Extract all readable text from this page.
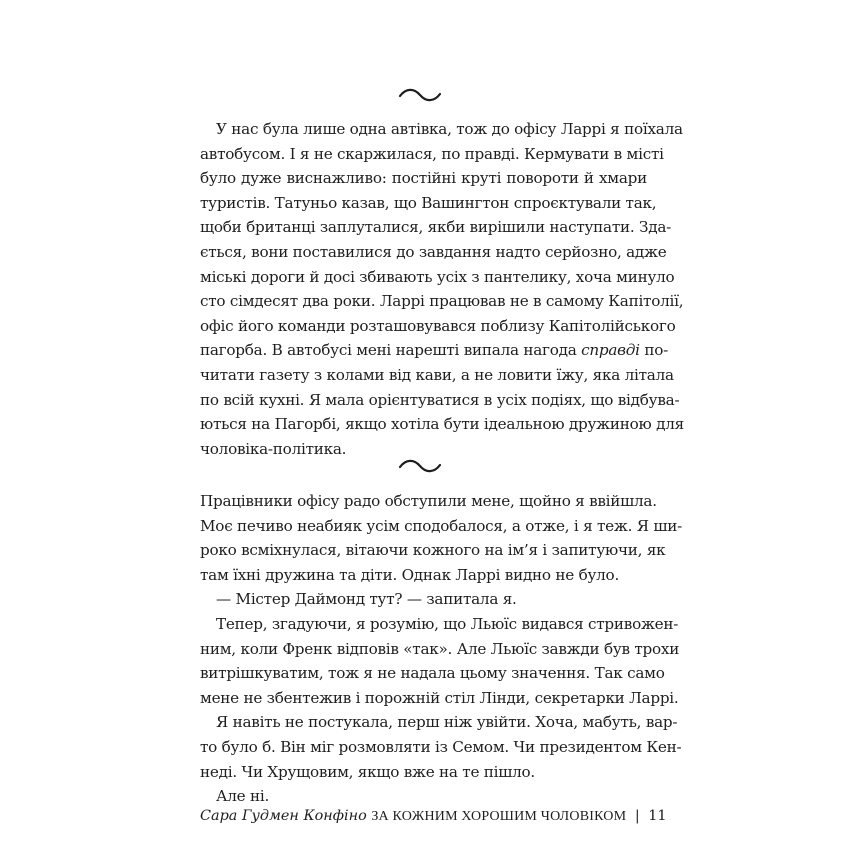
У нас була лише одна автівка, тож до офісу Ларрі я поїхала
автобусом. І я не скаржилася, по правді. Кермувати в місті
було дуже виснажливо: постійні круті повороти й хмари
туристів. Татуньо казав, що Вашингтон спроєктували так,
щоби британці заплуталися, якби вирішили наступати. Зда-
ється, вони поставилися до завдання надто серйозно, адже
міські дороги й досі збивають усіх з пантелику, хоча минуло
сто сімдесят два роки. Ларрі працював не в самому Капітолії,
офіс його команди розташовувався поблизу Капітолійського
пагорба. В автобусі мені нарешті випала нагода справді по-
читати газету з колами від кави, а не ловити їжу, яка літала
по всій кухні. Я мала орієнтуватися в усіх подіях, що відбува-
ються на Пагорбі, якщо хотіла бути ідеальною дружиною для
чоловіка-політика.
Працівники офісу радо обступили мене, щойно я ввійшла.
Моє печиво неабияк усім сподобалося, а отже, і я теж. Я ши-
роко всміхнулася, вітаючи кожного на ім’я і запитуючи, як
там їхні дружина та діти. Однак Ларрі видно не було.
— Містер Даймонд тут? — запитала я.
Тепер, згадуючи, я розумію, що Льюїс видався стривожен-
ним, коли Френк відповів «так». Але Льюїс завжди був трохи
витрішкуватим, тож я не надала цьому значення. Так само
мене не збентежив і порожній стіл Лінди, секретарки Ларрі.
Я навіть не постукала, перш ніж увійти. Хоча, мабуть, вар-
то було б. Він міг розмовляти із Семом. Чи президентом Кен-
неді. Чи Хрущовим, якщо вже на те пішло.
Але ні.
Сара Гудмен Конфіно ЗА КОЖНИМ ХОРОШИМ ЧОЛОВІКОМ | 11
